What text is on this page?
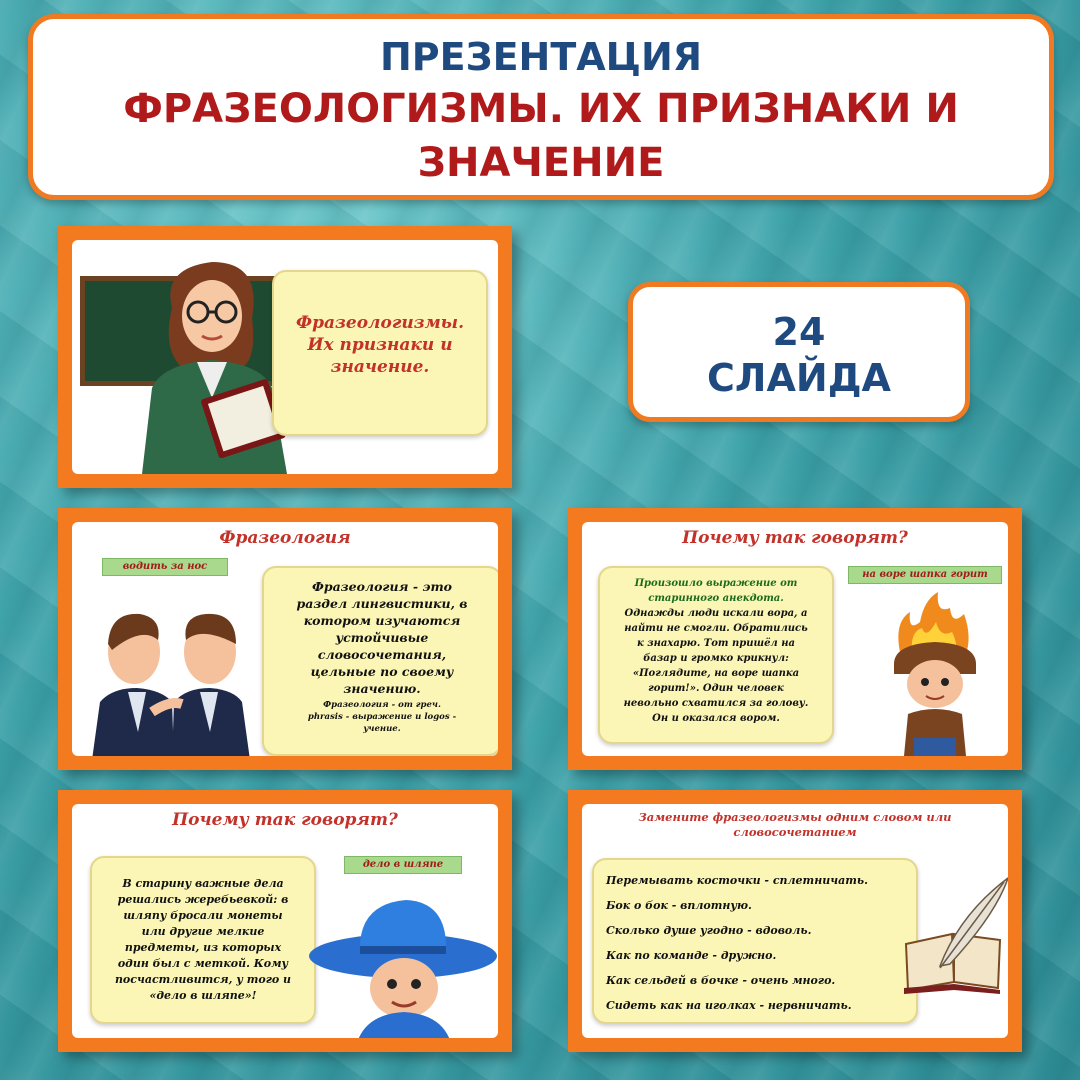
ПРЕЗЕНТАЦИЯ
ФРАЗЕОЛОГИЗМЫ. ИХ ПРИЗНАКИ И
ЗНАЧЕНИЕ
24
СЛАЙДА
Фразеологизмы.
Их признаки и
значение.
Фразеология
водить за нос
Фразеология - это
раздел лингвистики, в
котором изучаются
устойчивые
словосочетания,
цельные по своему
значению.
Фразеология - от греч.
phrasis - выражение и logos -
учение.
Почему так говорят?
на воре шапка горит
Произошло выражение от
старинного анекдота.
Однажды люди искали вора, а
найти не смогли. Обратились
к знахарю. Тот пришёл на
базар и громко крикнул:
«Поглядите, на воре шапка
горит!». Один человек
невольно схватился за голову.
Он и оказался вором.
Почему так говорят?
дело в шляпе
В старину важные дела
решались жеребьевкой: в
шляпу бросали монеты
или другие мелкие
предметы, из которых
один был с меткой. Кому
посчастливится, у того и
«дело в шляпе»!
Замените фразеологизмы одним словом или
словосочетанием
Перемывать косточки - сплетничать.
Бок о бок - вплотную.
Сколько душе угодно - вдоволь.
Как по команде - дружно.
Как сельдей в бочке - очень много.
Сидеть как на иголках - нервничать.
